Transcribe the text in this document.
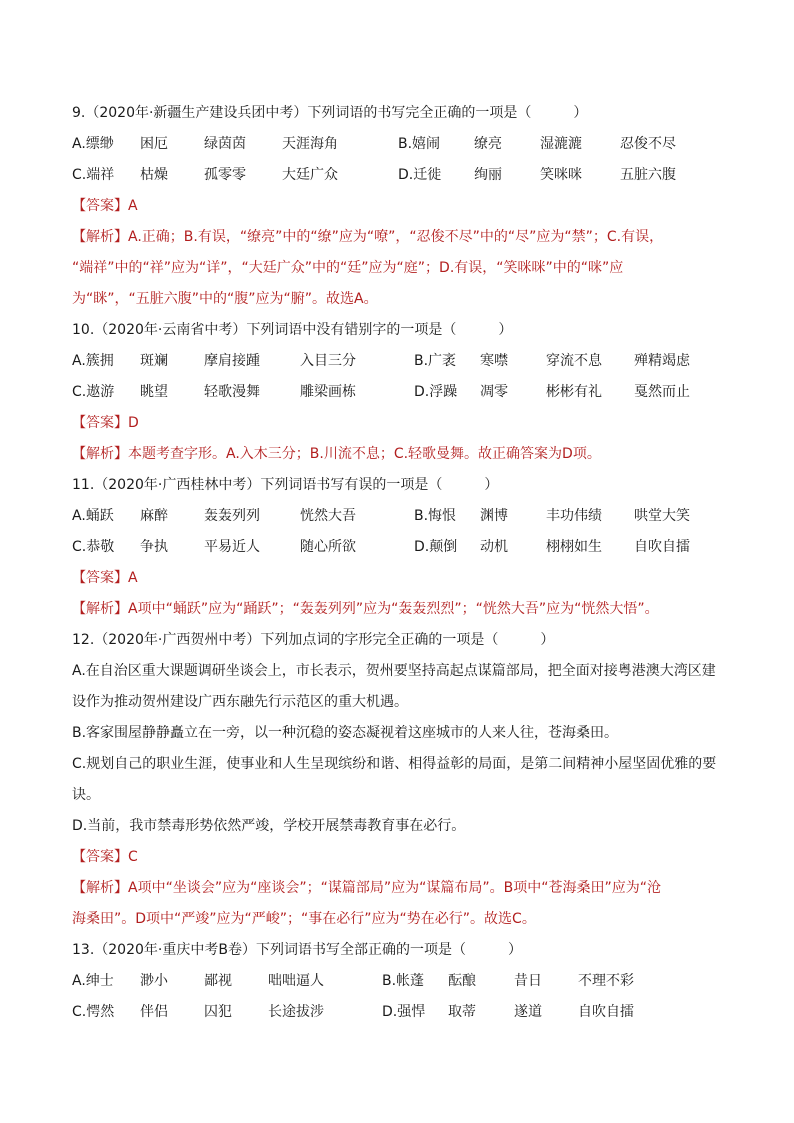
9.（2020年·新疆生产建设兵团中考）下列词语的书写完全正确的一项是（　　　）
A.缥缈 困厄	绿茵茵	天涯海角	B.嬉闹 缭亮	湿漉漉	忍俊不尽
C.端祥 枯燥	孤零零	大廷广众	D.迁徙 绚丽	笑咪咪	五脏六腹
【答案】A
【解析】A.正确；B.有误，“缭亮”中的“缭”应为“嘹”，“忍俊不尽”中的“尽”应为“禁”；C.有误，
“端祥”中的“祥”应为“详”，“大廷广众”中的“廷”应为“庭”；D.有误，“笑咪咪”中的“咪”应
为“眯”，“五脏六腹”中的“腹”应为“腑”。故选A。
10.（2020年·云南省中考）下列词语中没有错别字的一项是（　　　）
A.簇拥 斑斓	摩肩接踵	入目三分	B.广袤 寒噤	穿流不息 殚精竭虑
C.遨游 眺望	轻歌漫舞	雕梁画栋	D.浮躁 凋零	彬彬有礼 戛然而止
【答案】D
【解析】本题考查字形。A.入木三分；B.川流不息；C.轻歌曼舞。故正确答案为D项。
11.（2020年·广西桂林中考）下列词语书写有误的一项是（　　　）
A.蛹跃 麻醉	轰轰列列	恍然大吾	B.悔恨 渊博	丰功伟绩 哄堂大笑
C.恭敬 争执	平易近人	随心所欲	D.颠倒 动机	栩栩如生 自吹自擂
【答案】A
【解析】A项中“蛹跃”应为“踊跃”；“轰轰列列”应为“轰轰烈烈”；“恍然大吾”应为“恍然大悟”。
12.（2020年·广西贺州中考）下列加点词的字形完全正确的一项是（　　　）
A.在自治区重大课题调研坐谈会上，市长表示，贺州要坚持高起点谋篇部局，把全面对接粤港澳大湾区建
设作为推动贺州建设广西东融先行示范区的重大机遇。
B.客家围屋静静矗立在一旁，以一种沉稳的姿态凝视着这座城市的人来人往，苍海桑田。
C.规划自己的职业生涯，使事业和人生呈现缤纷和谐、相得益彰的局面，是第二间精神小屋坚固优雅的要
诀。
D.当前，我市禁毒形势依然严竣，学校开展禁毒教育事在必行。
【答案】C
【解析】A项中“坐谈会”应为“座谈会”；“谋篇部局”应为“谋篇布局”。B项中“苍海桑田”应为“沧
海桑田”。D项中“严竣”应为“严峻”；“事在必行”应为“势在必行”。故选C。
13.（2020年·重庆中考B卷）下列词语书写全部正确的一项是（　　　）
A.绅士 渺小	鄙视	咄咄逼人	B.帐蓬 酝酿	昔日	不理不彩
C.愕然 伴侣	囚犯	长途拔涉	D.强悍 取蒂	遂道	自吹自擂
